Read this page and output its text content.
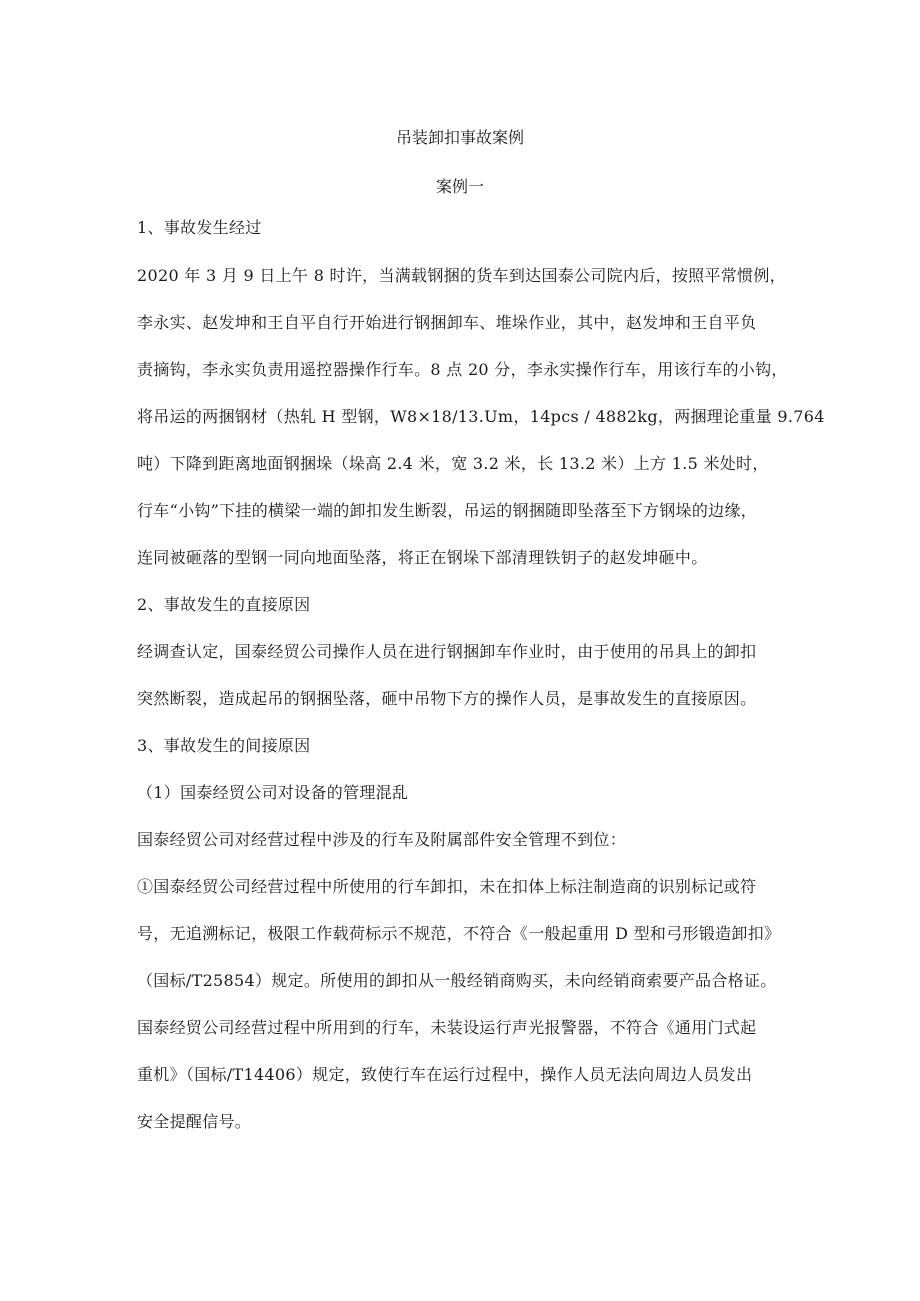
吊装卸扣事故案例
案例一
1、事故发生经过
2020 年 3 月 9 日上午 8 时许，当满载钢捆的货车到达国泰公司院内后，按照平常惯例，
李永实、赵发坤和王自平自行开始进行钢捆卸车、堆垛作业，其中，赵发坤和王自平负
责摘钩，李永实负责用遥控器操作行车。8 点 20 分，李永实操作行车，用该行车的小钩，
将吊运的两捆钢材（热轧 H 型钢，W8×18/13.Um，14pcs / 4882kg，两捆理论重量 9.764
吨）下降到距离地面钢捆垛（垛高 2.4 米，宽 3.2 米，长 13.2 米）上方 1.5 米处时，
行车“小钩”下挂的横梁一端的卸扣发生断裂，吊运的钢捆随即坠落至下方钢垛的边缘，
连同被砸落的型钢一同向地面坠落，将正在钢垛下部清理铁钥子的赵发坤砸中。
2、事故发生的直接原因
经调查认定，国泰经贸公司操作人员在进行钢捆卸车作业时，由于使用的吊具上的卸扣
突然断裂，造成起吊的钢捆坠落，砸中吊物下方的操作人员，是事故发生的直接原因。
3、事故发生的间接原因
（1）国泰经贸公司对设备的管理混乱
国泰经贸公司对经营过程中涉及的行车及附属部件安全管理不到位：
①国泰经贸公司经营过程中所使用的行车卸扣，未在扣体上标注制造商的识别标记或符
号，无追溯标记，极限工作载荷标示不规范，不符合《一般起重用 D 型和弓形锻造卸扣》
（国标/T25854）规定。所使用的卸扣从一般经销商购买，未向经销商索要产品合格证。
国泰经贸公司经营过程中所用到的行车，未装设运行声光报警器，不符合《通用门式起
重机》（国标/T14406）规定，致使行车在运行过程中，操作人员无法向周边人员发出
安全提醒信号。
